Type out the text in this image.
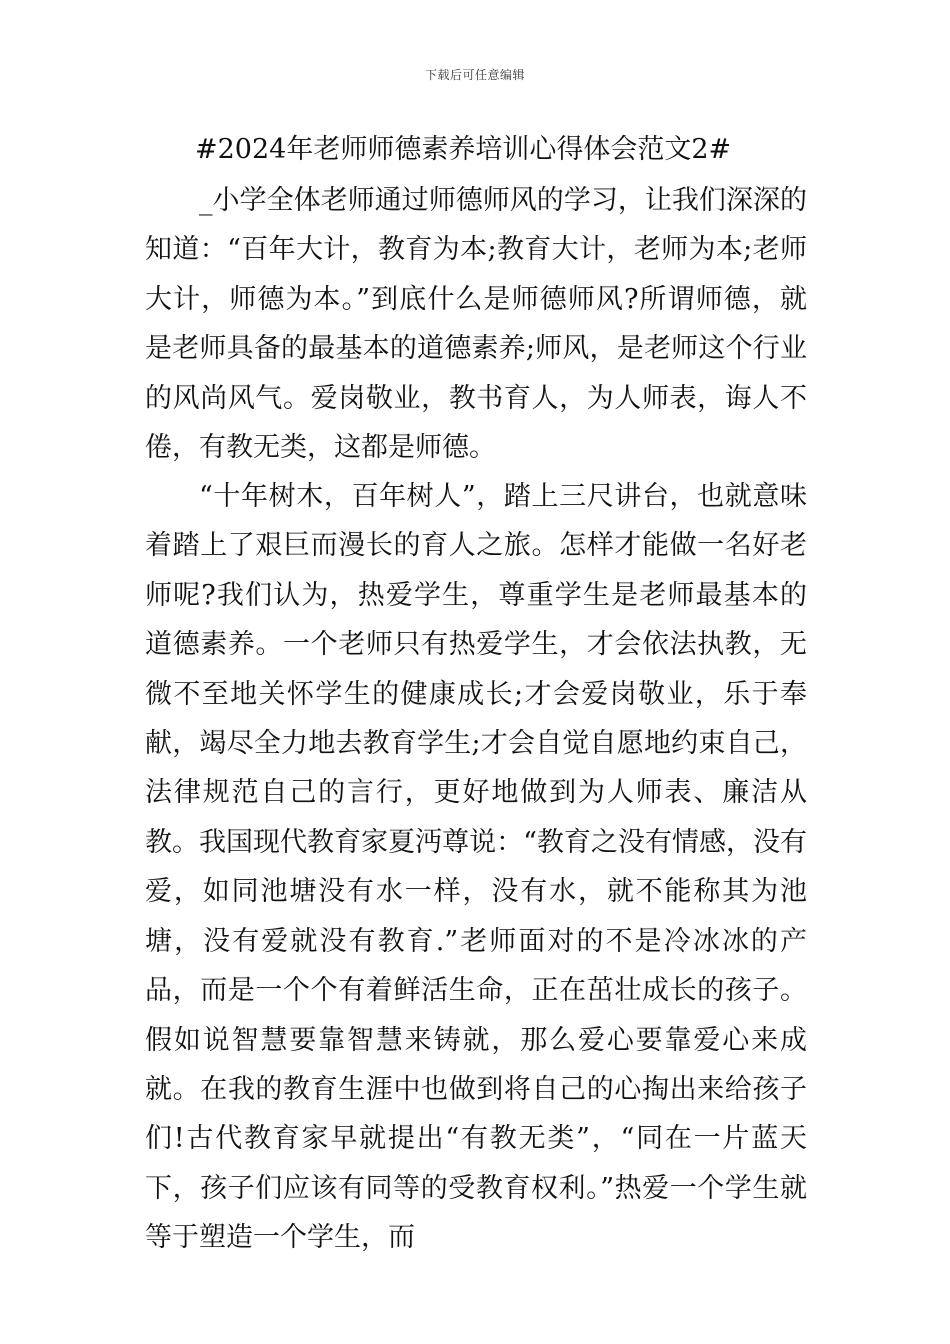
下载后可任意编辑
#2024年老师师德素养培训心得体会范文2#

_小学全体老师通过师德师风的学习，让我们深深的知道：“百年大计，教育为本;教育大计，老师为本;老师大计，师德为本。”到底什么是师德师风?所谓师德，就是老师具备的最基本的道德素养;师风，是老师这个行业的风尚风气。爱岗敬业，教书育人，为人师表，诲人不倦，有教无类，这都是师德。

“十年树木，百年树人”，踏上三尺讲台，也就意味着踏上了艰巨而漫长的育人之旅。怎样才能做一名好老师呢?我们认为，热爱学生，尊重学生是老师最基本的道德素养。一个老师只有热爱学生，才会依法执教，无微不至地关怀学生的健康成长;才会爱岗敬业，乐于奉献，竭尽全力地去教育学生;才会自觉自愿地约束自己，法律规范自己的言行，更好地做到为人师表、廉洁从教。 我国现代教育家夏沔尊说：“教育之没有情感，没有爱，如同池塘没有水一样，没有水，就不能称其为池塘，没有爱就没有教育.”老师面对的不是冷冰冰的产品，而是一个个有着鲜活生命，正在茁壮成长的孩子。假如说智慧要靠智慧来铸就，那么爱心要靠爱心来成就。在我的教育生涯中也做到将自己的心掏出来给孩子们!古代教育家早就提出“有教无类”，“同在一片蓝天下，孩子们应该有同等的受教育权利。”热爱一个学生就等于塑造一个学生，而
